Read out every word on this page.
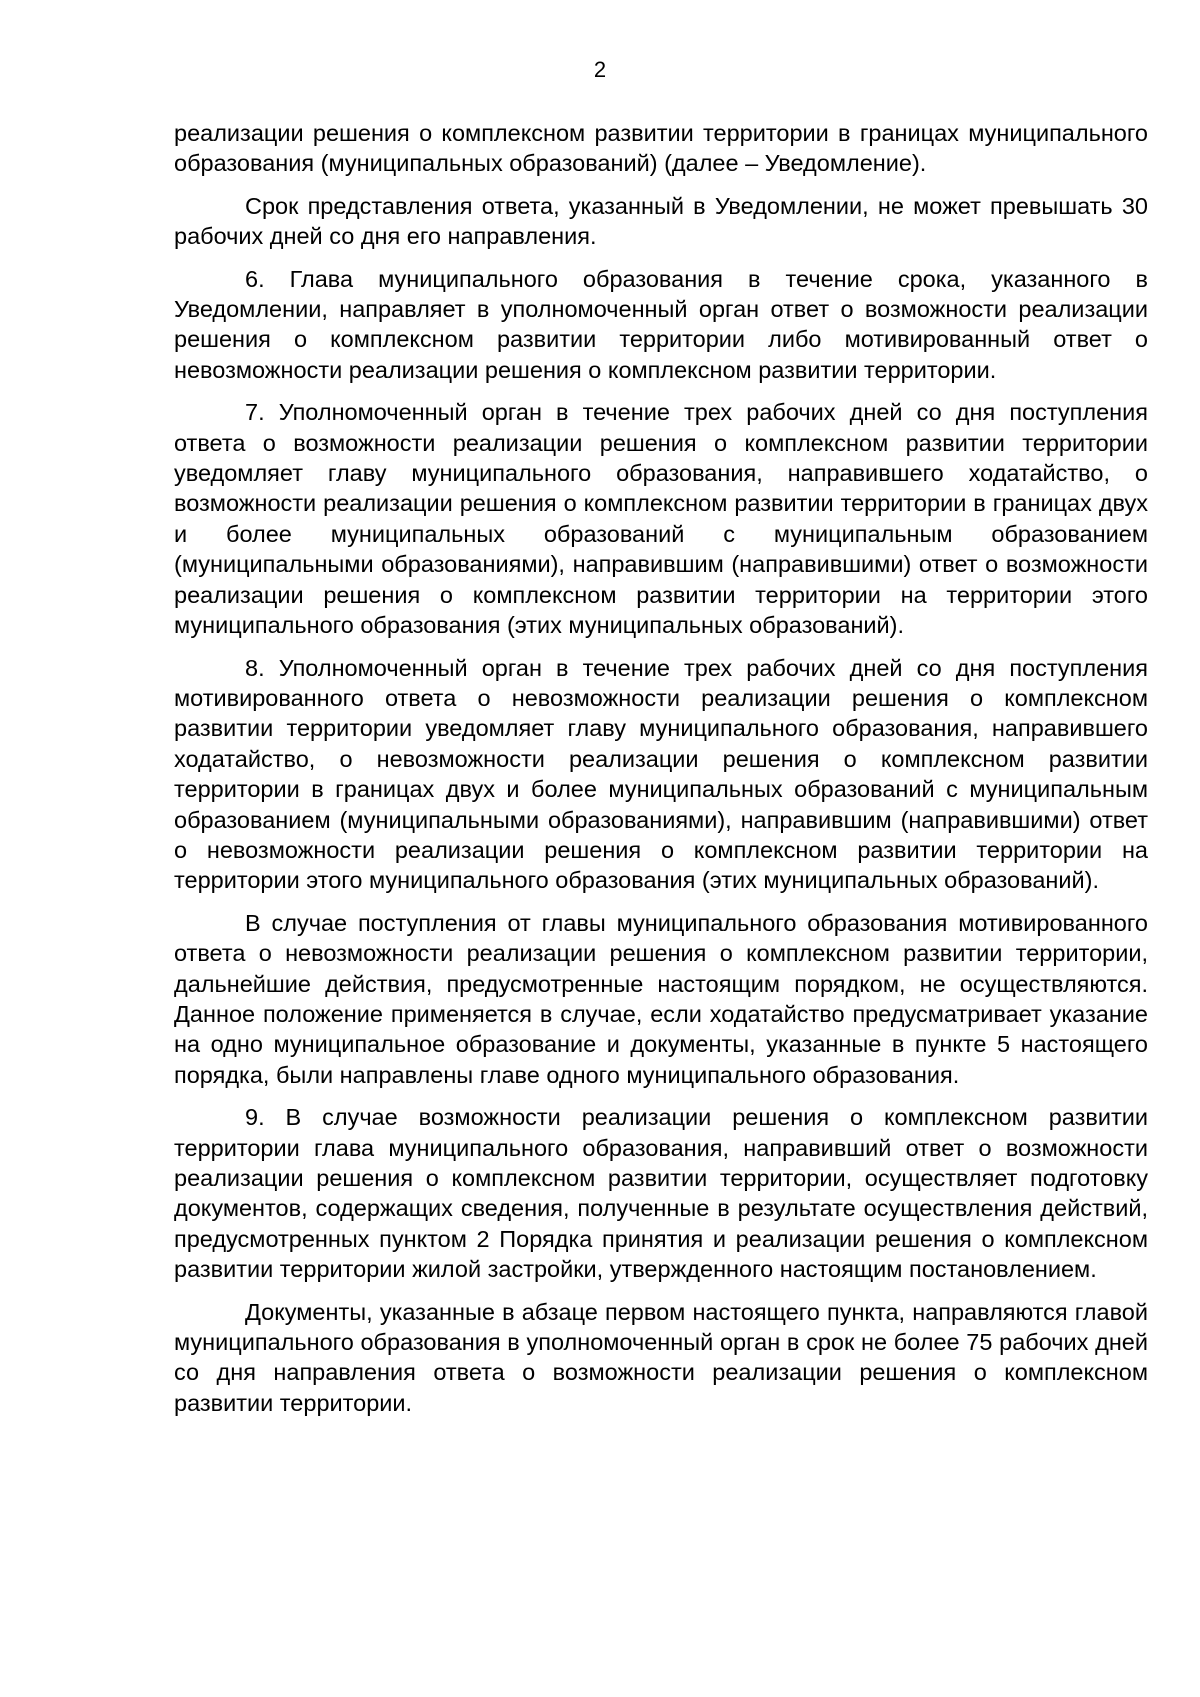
2

реализации решения о комплексном развитии территории в границах муниципального образования (муниципальных образований) (далее – Уведомление).

Срок представления ответа, указанный в Уведомлении, не может превышать 30 рабочих дней со дня его направления.

6. Глава муниципального образования в течение срока, указанного в Уведомлении, направляет в уполномоченный орган ответ о возможности реализации решения о комплексном развитии территории либо мотивированный ответ о невозможности реализации решения о комплексном развитии территории.

7. Уполномоченный орган в течение трех рабочих дней со дня поступления ответа о возможности реализации решения о комплексном развитии территории уведомляет главу муниципального образования, направившего ходатайство, о возможности реализации решения о комплексном развитии территории в границах двух и более муниципальных образований с муниципальным образованием (муниципальными образованиями), направившим (направившими) ответ о возможности реализации решения о комплексном развитии территории на территории этого муниципального образования (этих муниципальных образований).

8. Уполномоченный орган в течение трех рабочих дней со дня поступления мотивированного ответа о невозможности реализации решения о комплексном развитии территории уведомляет главу муниципального образования, направившего ходатайство, о невозможности реализации решения о комплексном развитии территории в границах двух и более муниципальных образований с муниципальным образованием (муниципальными образованиями), направившим (направившими) ответ о невозможности реализации решения о комплексном развитии территории на территории этого муниципального образования (этих муниципальных образований).

В случае поступления от главы муниципального образования мотивированного ответа о невозможности реализации решения о комплексном развитии территории, дальнейшие действия, предусмотренные настоящим порядком, не осуществляются. Данное положение применяется в случае, если ходатайство предусматривает указание на одно муниципальное образование и документы, указанные в пункте 5 настоящего порядка, были направлены главе одного муниципального образования.

9. В случае возможности реализации решения о комплексном развитии территории глава муниципального образования, направивший ответ о возможности реализации решения о комплексном развитии территории, осуществляет подготовку документов, содержащих сведения, полученные в результате осуществления действий, предусмотренных пунктом 2 Порядка принятия и реализации решения о комплексном развитии территории жилой застройки, утвержденного настоящим постановлением.

Документы, указанные в абзаце первом настоящего пункта, направляются главой муниципального образования в уполномоченный орган в срок не более 75 рабочих дней со дня направления ответа о возможности реализации решения о комплексном развитии территории.
